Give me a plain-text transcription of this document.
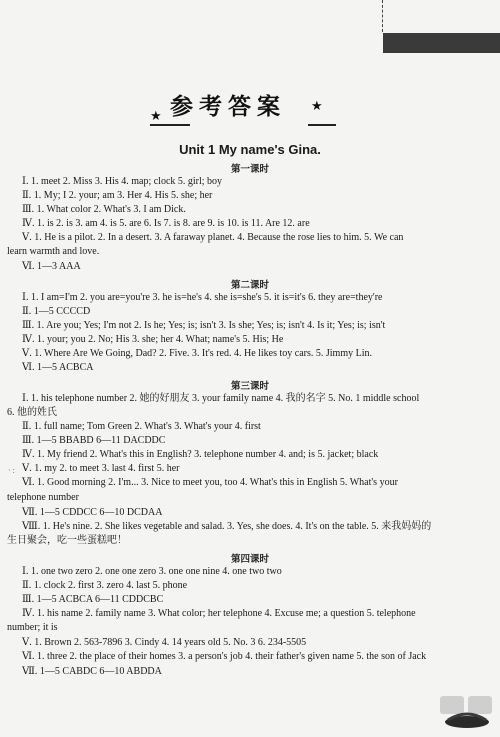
★ 参考答案 ★
Unit 1 My name's Gina.
第一课时
Ⅰ. 1. meet 2. Miss 3. His 4. map; clock 5. girl; boy
Ⅱ. 1. My; I 2. your; am 3. Her 4. His 5. she; her
Ⅲ. 1. What color 2. What's 3. I am Dick.
Ⅳ. 1. is 2. is 3. am 4. is 5. are 6. Is 7. is 8. are 9. is 10. is 11. Are 12. are
Ⅴ. 1. He is a pilot. 2. In a desert. 3. A faraway planet. 4. Because the rose lies to him. 5. We can
learn warmth and love.
Ⅵ. 1—3 AAA
第二课时
Ⅰ. 1. I am=I'm 2. you are=you're 3. he is=he's 4. she is=she's 5. it is=it's 6. they are=they're
Ⅱ. 1—5 CCCCD
Ⅲ. 1. Are you; Yes; I'm not 2. Is he; Yes; is; isn't 3. Is she; Yes; is; isn't 4. Is it; Yes; is; isn't
Ⅳ. 1. your; you 2. No; His 3. she; her 4. What; name's 5. His; He
Ⅴ. 1. Where Are We Going, Dad? 2. Five. 3. It's red. 4. He likes toy cars. 5. Jimmy Lin.
Ⅵ. 1—5 ACBCA
第三课时
Ⅰ. 1. his telephone number 2. 她的好朋友 3. your family name 4. 我的名字 5. No. 1 middle school
6. 他的姓氏
Ⅱ. 1. full name; Tom Green 2. What's 3. What's your 4. first
Ⅲ. 1—5 BBABD 6—11 DACDDC
Ⅳ. 1. My friend 2. What's this in English? 3. telephone number 4. and; is 5. jacket; black
Ⅴ. 1. my 2. to meet 3. last 4. first 5. her
Ⅵ. 1. Good morning 2. I'm... 3. Nice to meet you, too 4. What's this in English 5. What's your
telephone number
Ⅶ. 1—5 CDDCC 6—10 DCDAA
Ⅷ. 1. He's nine. 2. She likes vegetable and salad. 3. Yes, she does. 4. It's on the table. 5. 来我妈妈的
生日聚会，吃一些蛋糕吧！
第四课时
Ⅰ. 1. one two zero 2. one one zero 3. one one nine 4. one two two
Ⅱ. 1. clock 2. first 3. zero 4. last 5. phone
Ⅲ. 1—5 ACBCA 6—11 CDDCBC
Ⅳ. 1. his name 2. family name 3. What color; her telephone 4. Excuse me; a question 5. telephone
number; it is
Ⅴ. 1. Brown 2. 563-7896 3. Cindy 4. 14 years old 5. No. 3 6. 234-5505
Ⅵ. 1. three 2. the place of their homes 3. a person's job 4. their father's given name 5. the son of Jack
Ⅶ. 1—5 CABDC 6—10 ABDDA
· :
